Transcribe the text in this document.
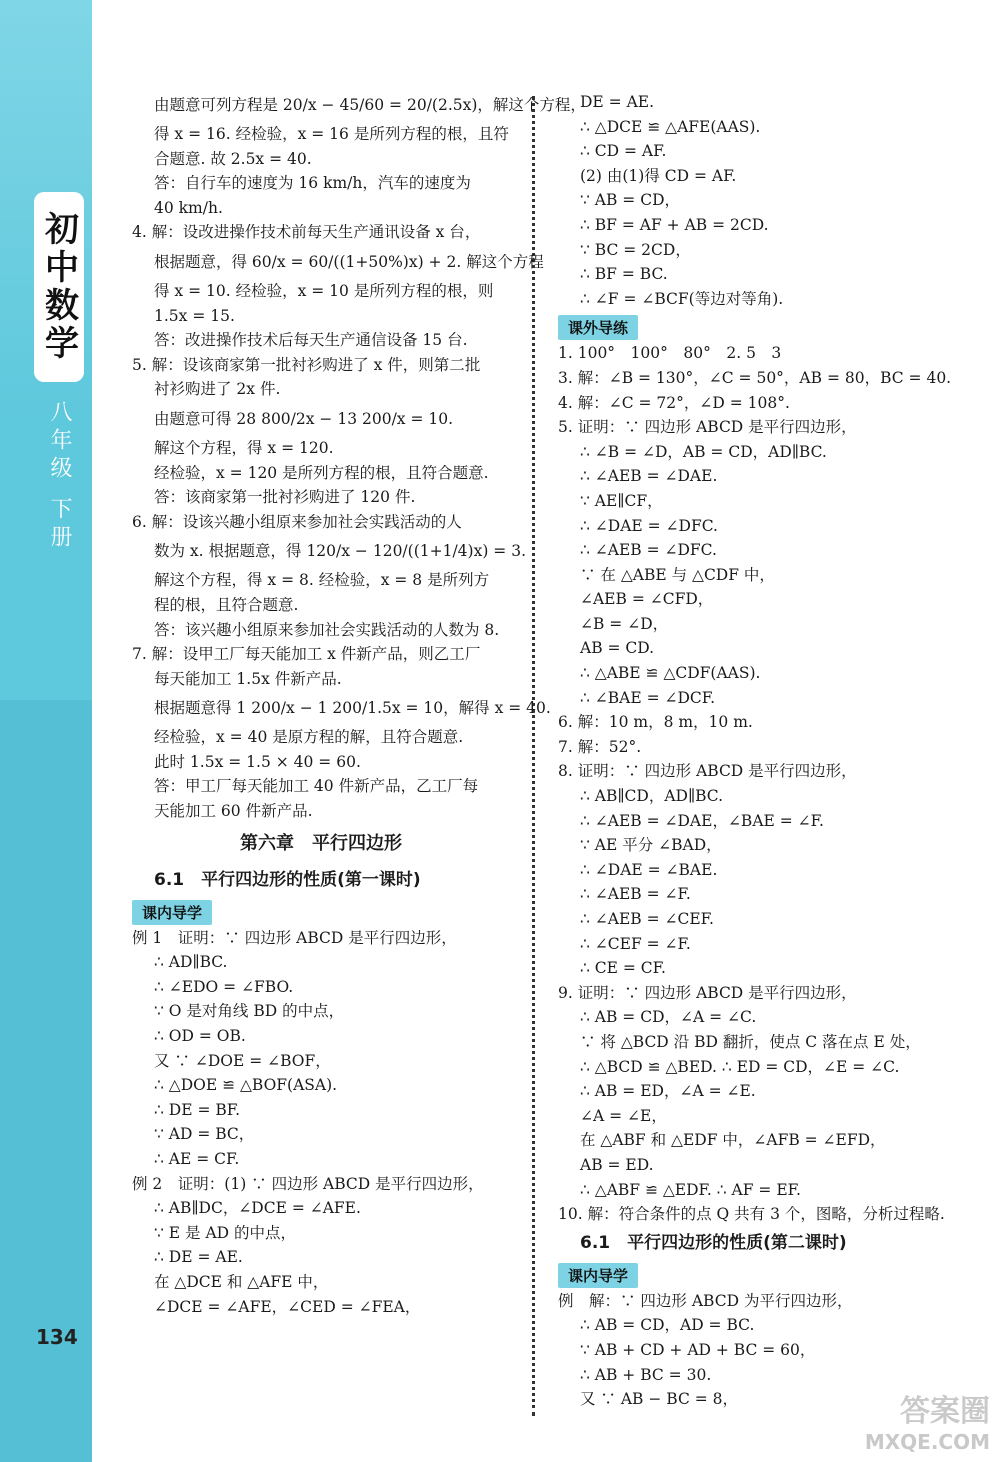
初中数学
八年级 下册
134
由题意可列方程是 20/x − 45/60 = 20/(2.5x)，解这个方程，
得 x = 16. 经检验，x = 16 是所列方程的根，且符
合题意. 故 2.5x = 40.
答：自行车的速度为 16 km/h，汽车的速度为
40 km/h.
4. 解：设改进操作技术前每天生产通讯设备 x 台，
根据题意，得 60/x = 60/((1+50%)x) + 2. 解这个方程
得 x = 10. 经检验，x = 10 是所列方程的根，则
1.5x = 15.
答：改进操作技术后每天生产通信设备 15 台.
5. 解：设该商家第一批衬衫购进了 x 件，则第二批
衬衫购进了 2x 件.
由题意可得 28 800/2x − 13 200/x = 10.
解这个方程，得 x = 120.
经检验，x = 120 是所列方程的根，且符合题意.
答：该商家第一批衬衫购进了 120 件.
6. 解：设该兴趣小组原来参加社会实践活动的人
数为 x. 根据题意，得 120/x − 120/((1+1/4)x) = 3.
解这个方程，得 x = 8. 经检验，x = 8 是所列方
程的根，且符合题意.
答：该兴趣小组原来参加社会实践活动的人数为 8.
7. 解：设甲工厂每天能加工 x 件新产品，则乙工厂
每天能加工 1.5x 件新产品.
根据题意得 1 200/x − 1 200/1.5x = 10，解得 x = 40.
经检验，x = 40 是原方程的解，且符合题意.
此时 1.5x = 1.5 × 40 = 60.
答：甲工厂每天能加工 40 件新产品，乙工厂每
天能加工 60 件新产品.
第六章　平行四边形
6.1　平行四边形的性质(第一课时)
课内导学
例 1　证明：∵ 四边形 ABCD 是平行四边形，
∴ AD∥BC.
∴ ∠EDO = ∠FBO.
∵ O 是对角线 BD 的中点，
∴ OD = OB.
又 ∵ ∠DOE = ∠BOF，
∴ △DOE ≌ △BOF(ASA).
∴ DE = BF.
∵ AD = BC，
∴ AE = CF.
例 2　证明：(1) ∵ 四边形 ABCD 是平行四边形，
∴ AB∥DC，∠DCE = ∠AFE.
∵ E 是 AD 的中点，
∴ DE = AE.
在 △DCE 和 △AFE 中，
∠DCE = ∠AFE，∠CED = ∠FEA，
DE = AE.
∴ △DCE ≌ △AFE(AAS).
∴ CD = AF.
(2) 由(1)得 CD = AF.
∵ AB = CD，
∴ BF = AF + AB = 2CD.
∵ BC = 2CD，
∴ BF = BC.
∴ ∠F = ∠BCF(等边对等角).
课外导练
1. 100°　100°　80°　2. 5　3
3. 解：∠B = 130°，∠C = 50°，AB = 80，BC = 40.
4. 解：∠C = 72°，∠D = 108°.
5. 证明：∵ 四边形 ABCD 是平行四边形，
∴ ∠B = ∠D，AB = CD，AD∥BC.
∴ ∠AEB = ∠DAE.
∵ AE∥CF，
∴ ∠DAE = ∠DFC.
∴ ∠AEB = ∠DFC.
∵ 在 △ABE 与 △CDF 中，
∠AEB = ∠CFD，
∠B = ∠D，
AB = CD.
∴ △ABE ≌ △CDF(AAS).
∴ ∠BAE = ∠DCF.
6. 解：10 m，8 m，10 m.
7. 解：52°.
8. 证明：∵ 四边形 ABCD 是平行四边形，
∴ AB∥CD，AD∥BC.
∴ ∠AEB = ∠DAE，∠BAE = ∠F.
∵ AE 平分 ∠BAD，
∴ ∠DAE = ∠BAE.
∴ ∠AEB = ∠F.
∴ ∠AEB = ∠CEF.
∴ ∠CEF = ∠F.
∴ CE = CF.
9. 证明：∵ 四边形 ABCD 是平行四边形，
∴ AB = CD，∠A = ∠C.
∵ 将 △BCD 沿 BD 翻折，使点 C 落在点 E 处，
∴ △BCD ≌ △BED. ∴ ED = CD，∠E = ∠C.
∴ AB = ED，∠A = ∠E.
∠A = ∠E，
在 △ABF 和 △EDF 中，∠AFB = ∠EFD，
AB = ED.
∴ △ABF ≌ △EDF. ∴ AF = EF.
10. 解：符合条件的点 Q 共有 3 个，图略，分析过程略.
6.1　平行四边形的性质(第二课时)
课内导学
例　解：∵ 四边形 ABCD 为平行四边形，
∴ AB = CD，AD = BC.
∵ AB + CD + AD + BC = 60，
∴ AB + BC = 30.
又 ∵ AB − BC = 8，	答案圈
MXQE.COM
